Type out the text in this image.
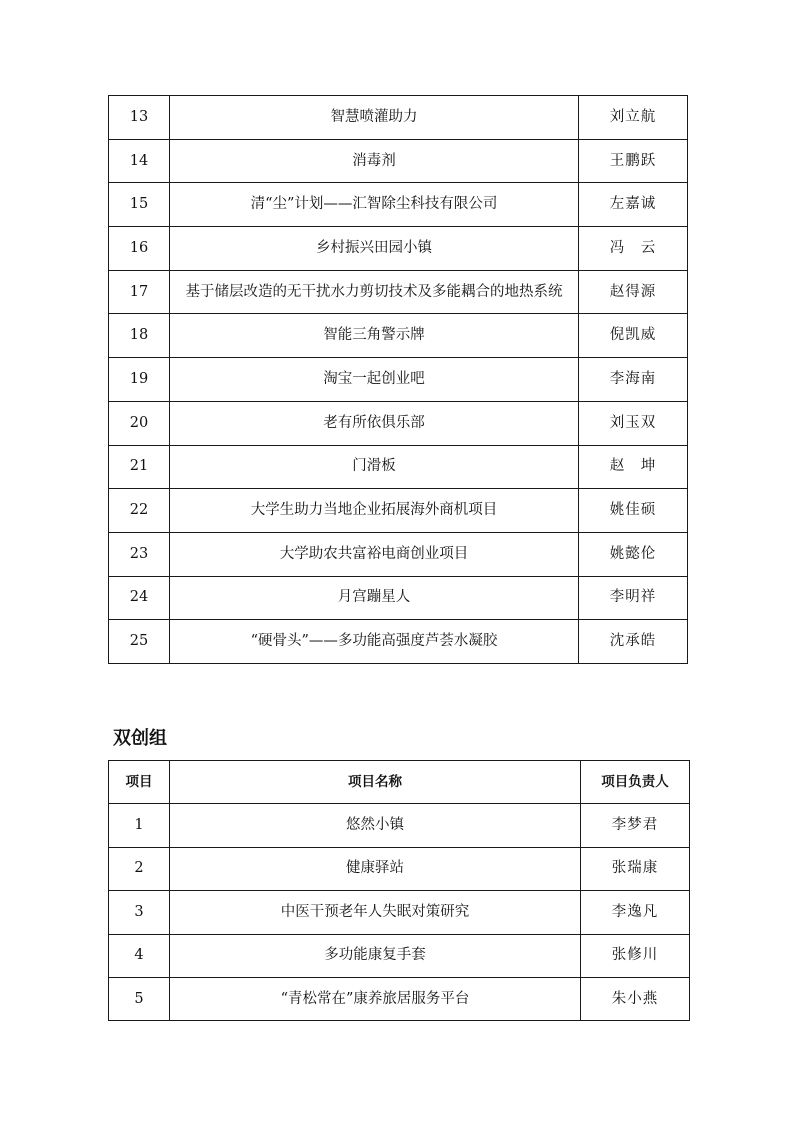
13	智慧喷灌助力	刘立航
14	消毒剂	王鹏跃
15	清“尘”计划——汇智除尘科技有限公司	左嘉诚
16	乡村振兴田园小镇	冯　云
17	基于储层改造的无干扰水力剪切技术及多能耦合的地热系统	赵得源
18	智能三角警示牌	倪凯威
19	淘宝一起创业吧	李海南
20	老有所依俱乐部	刘玉双
21	门滑板	赵　坤
22	大学生助力当地企业拓展海外商机项目	姚佳硕
23	大学助农共富裕电商创业项目	姚懿伦
24	月宫蹦星人	李明祥
25	“硬骨头”——多功能高强度芦荟水凝胶	沈承皓
双创组
项目	项目名称	项目负责人
1	悠然小镇	李梦君
2	健康驿站	张瑞康
3	中医干预老年人失眠对策研究	李逸凡
4	多功能康复手套	张修川
5	“青松常在”康养旅居服务平台	朱小燕
